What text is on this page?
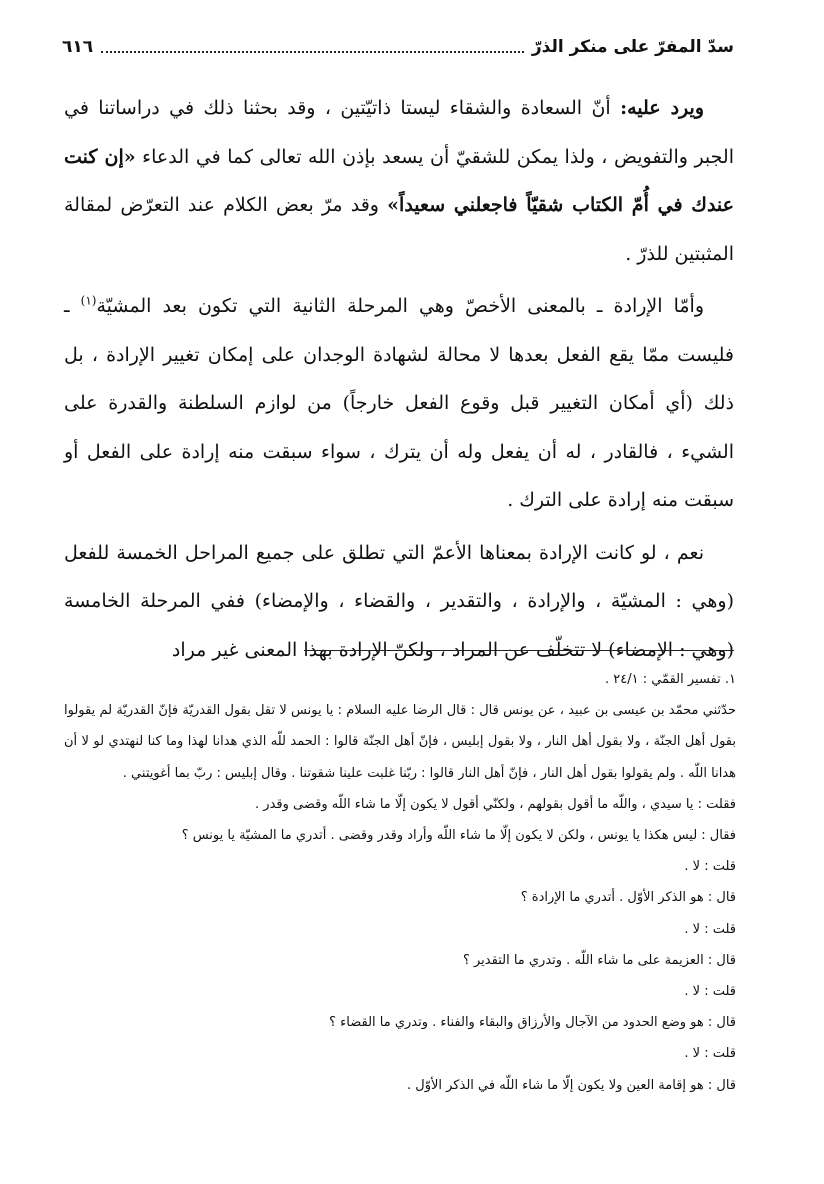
سدّ المفرّ على منكر الذرّ
٦١٦

ويرد عليه: أنّ السعادة والشقاء ليستا ذاتيّتين ، وقد بحثنا ذلك في دراساتنا في الجبر والتفويض ، ولذا يمكن للشقيّ أن يسعد بإذن الله تعالى كما في الدعاء «إن كنت عندك في أُمّ الكتاب شقيّاً فاجعلني سعيداً» وقد مرّ بعض الكلام عند التعرّض لمقالة المثبتين للذرّ .

وأمّا الإرادة ـ بالمعنى الأخصّ وهي المرحلة الثانية التي تكون بعد المشيّة$^{(١)}$ ـ فليست ممّا يقع الفعل بعدها لا محالة لشهادة الوجدان على إمكان تغيير الإرادة ، بل ذلك (أي أمكان التغيير قبل وقوع الفعل خارجاً) من لوازم السلطنة والقدرة على الشيء ، فالقادر ، له أن يفعل وله أن يترك ، سواء سبقت منه إرادة على الفعل أو سبقت منه إرادة على الترك .

نعم ، لو كانت الإرادة بمعناها الأعمّ التي تطلق على جميع المراحل الخمسة للفعل (وهي : المشيّة ، والإرادة ، والتقدير ، والقضاء ، والإمضاء) ففي المرحلة الخامسة (وهي : الإمضاء) لا تتخلّف عن المراد ، ولكنّ الإرادة بهذا المعنى غير مراد

١. تفسير القمّي : ٢٤/١ .

حدّثني محمّد بن عيسى بن عبيد ، عن يونس قال : قال الرضا عليه السلام : يا يونس لا تقل بقول القدريّة فإنّ القدريّة لم يقولوا بقول أهل الجنّة ، ولا بقول أهل النار ، ولا بقول إبليس ، فإنّ أهل الجنّة قالوا : الحمد للّه الذي هدانا لهذا وما كنا لنهتدي لو لا أن هدانا اللّه . ولم يقولوا بقول أهل النار ، فإنّ أهل النار قالوا : ربّنا غلبت علينا شقوتنا . وقال إبليس : ربّ بما أغويتني .

فقلت : يا سيدي ، واللّه ما أقول بقولهم ، ولكنّي أقول لا يكون إلّا ما شاء اللّه وقضى وقدر .

فقال : ليس هكذا يا يونس ، ولكن لا يكون إلّا ما شاء اللّه وأراد وقدر وقضى . أتدري ما المشيّة يا يونس ؟

قلت : لا .

قال : هو الذكر الأوّل . أتدري ما الإرادة ؟

قلت : لا .

قال : العزيمة على ما شاء اللّه . وتدري ما التقدير ؟

قلت : لا .

قال : هو وضع الحدود من الآجال والأرزاق والبقاء والفناء . وتدري ما القضاء ؟

قلت : لا .

قال : هو إقامة العين ولا يكون إلّا ما شاء اللّه في الذكر الأوّل .
